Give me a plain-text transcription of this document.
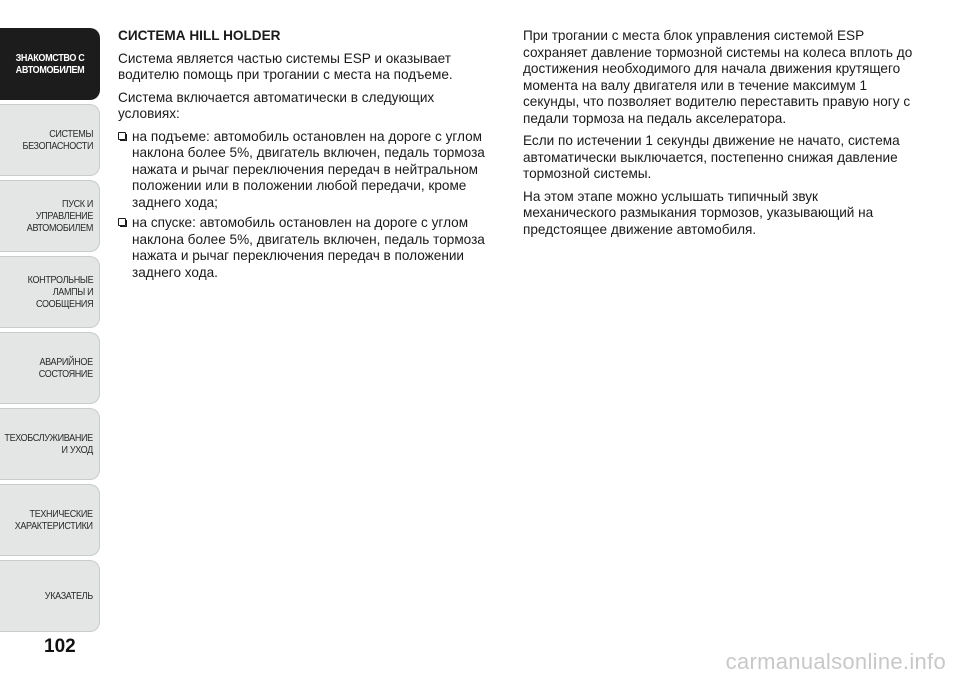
ЗНАКОМСТВО С
АВТОМОБИЛЕМ
СИСТЕМЫ
БЕЗОПАСНОСТИ
ПУСК И УПРАВЛЕНИЕ
АВТОМОБИЛЕМ
КОНТРОЛЬНЫЕ
ЛАМПЫ И
СООБЩЕНИЯ
АВАРИЙНОЕ
СОСТОЯНИЕ
ТЕХОБСЛУЖИВАНИЕ
И УХОД
ТЕХНИЧЕСКИЕ
ХАРАКТЕРИСТИКИ
УКАЗАТЕЛЬ
102
СИСТЕМА HILL HOLDER

Система является частью системы ESP и оказывает водителю помощь при трогании с места на подъеме.

Система включается автоматически в следующих условиях:

на подъеме: автомобиль остановлен на дороге с углом наклона более 5%, двигатель включен, педаль тормоза нажата и рычаг переключения передач в нейтральном положении или в положении любой передачи, кроме заднего хода;
на спуске: автомобиль остановлен на дороге с углом наклона более 5%, двигатель включен, педаль тормоза нажата и рычаг переключения передач в положении заднего хода.

При трогании с места блок управления системой ESP сохраняет давление тормозной системы на колеса вплоть до достижения необходимого для начала движения крутящего момента на валу двигателя или в течение максимум 1 секунды, что позволяет водителю переставить правую ногу с педали тормоза на педаль акселератора.

Если по истечении 1 секунды движение не начато, система автоматически выключается, постепенно снижая давление тормозной системы.

На этом этапе можно услышать типичный звук механического размыкания тормозов, указывающий на предстоящее движение автомобиля.

carmanualsonline.info
